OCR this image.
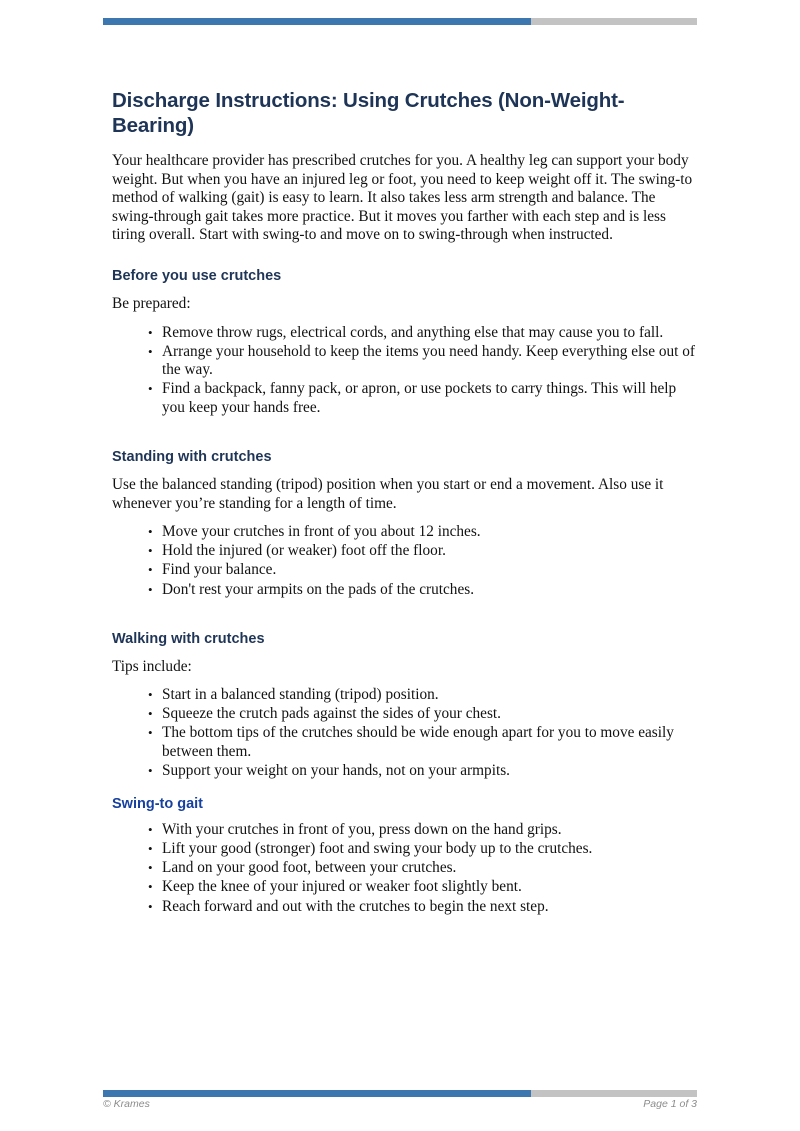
Discharge Instructions: Using Crutches (Non-Weight-Bearing)

Your healthcare provider has prescribed crutches for you. A healthy leg can support your body weight. But when you have an injured leg or foot, you need to keep weight off it. The swing-to method of walking (gait) is easy to learn. It also takes less arm strength and balance. The swing-through gait takes more practice. But it moves you farther with each step and is less tiring overall. Start with swing-to and move on to swing-through when instructed.

Before you use crutches

Be prepared:

• Remove throw rugs, electrical cords, and anything else that may cause you to fall.
• Arrange your household to keep the items you need handy. Keep everything else out of the way.
• Find a backpack, fanny pack, or apron, or use pockets to carry things. This will help you keep your hands free.
Standing with crutches

Use the balanced standing (tripod) position when you start or end a movement. Also use it whenever you’re standing for a length of time.

• Move your crutches in front of you about 12 inches.
• Hold the injured (or weaker) foot off the floor.
• Find your balance.
• Don't rest your armpits on the pads of the crutches.
Walking with crutches

Tips include:

• Start in a balanced standing (tripod) position.
• Squeeze the crutch pads against the sides of your chest.
• The bottom tips of the crutches should be wide enough apart for you to move easily between them.
• Support your weight on your hands, not on your armpits.
Swing-to gait
• With your crutches in front of you, press down on the hand grips.
• Lift your good (stronger) foot and swing your body up to the crutches.
• Land on your good foot, between your crutches.
• Keep the knee of your injured or weaker foot slightly bent.
• Reach forward and out with the crutches to begin the next step.
© Krames	Page 1 of 3
